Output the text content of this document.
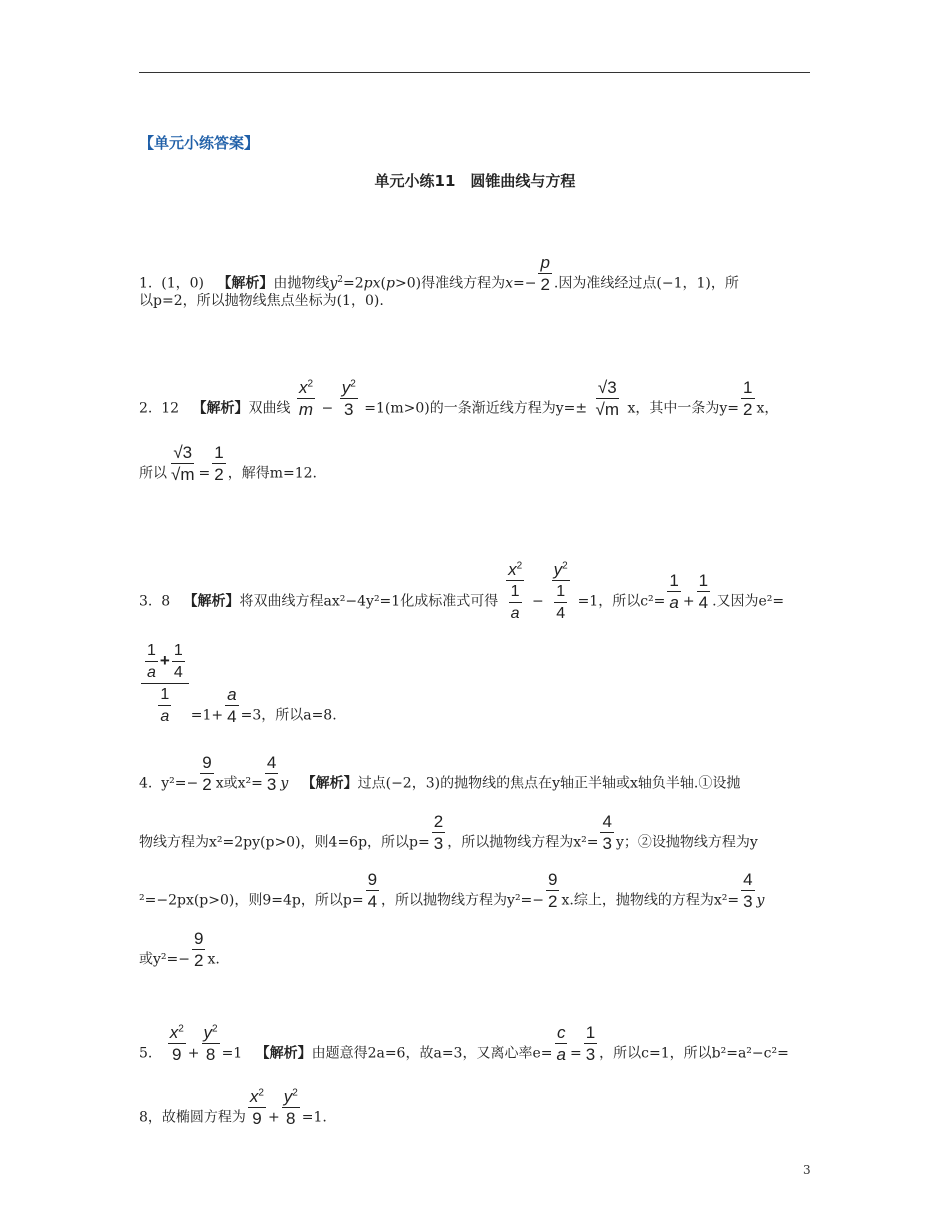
【单元小练答案】
单元小练11　圆锥曲线与方程
1. (1，0) 【解析】由抛物线$y^2=2px(p>0)$得准线方程为$x=- \frac{p}{2}$ .因为准线经过点(−1，1)，所
以p=2，所以抛物线焦点坐标为(1，0).
2. 12 【解析】双曲线 $\frac{x^2}{m} - \frac{y^2}{3} =1(m>0)$的一条渐近线方程为$y=\pm \frac{√3}{√m}$ x，其中一条为$y= \frac{1}{2}$ x，
所以 $\frac{√3}{√m} = \frac{1}{2}$ ，解得m=12.
3. 8 【解析】将双曲线方程ax²−4y²=1化成标准式可得 $\frac{x^2}{\frac{1}{a}} - \frac{y^2}{\frac{1}{4}} =1$，所以$c^2= \frac{1}{a} + \frac{1}{4}$ .又因为e²=
$\frac{\frac{1}{a} + \frac{1}{4}}{\frac{1}{a}} =1+ \frac{a}{4} =3$，所以a=8.
4. $y^2=- \frac{9}{2}$ x或$x^2= \frac{4}{3}$ y 【解析】过点(−2，3)的抛物线的焦点在y轴正半轴或x轴负半轴.①设抛
物线方程为x²=2py(p>0)，则4=6p，所以$p= \frac{2}{3}$ ，所以抛物线方程为$x^2= \frac{4}{3}$ y；②设抛物线方程为y
²=−2px(p>0)，则9=4p，所以$p= \frac{9}{4}$ ，所以抛物线方程为$y^2=- \frac{9}{2} x$.综上，抛物线的方程为$x^2= \frac{4}{3}$ y
或$y^2=- \frac{9}{2} x$.
5. $\frac{x^2}{9} + \frac{y^2}{8} =1$ 【解析】由题意得2a=6，故a=3，又离心率$e= \frac{c}{a} = \frac{1}{3}$ ，所以c=1，所以b²=a²−c²=
8，故椭圆方程为 $\frac{x^2}{9} + \frac{y^2}{8} =1$.
3
